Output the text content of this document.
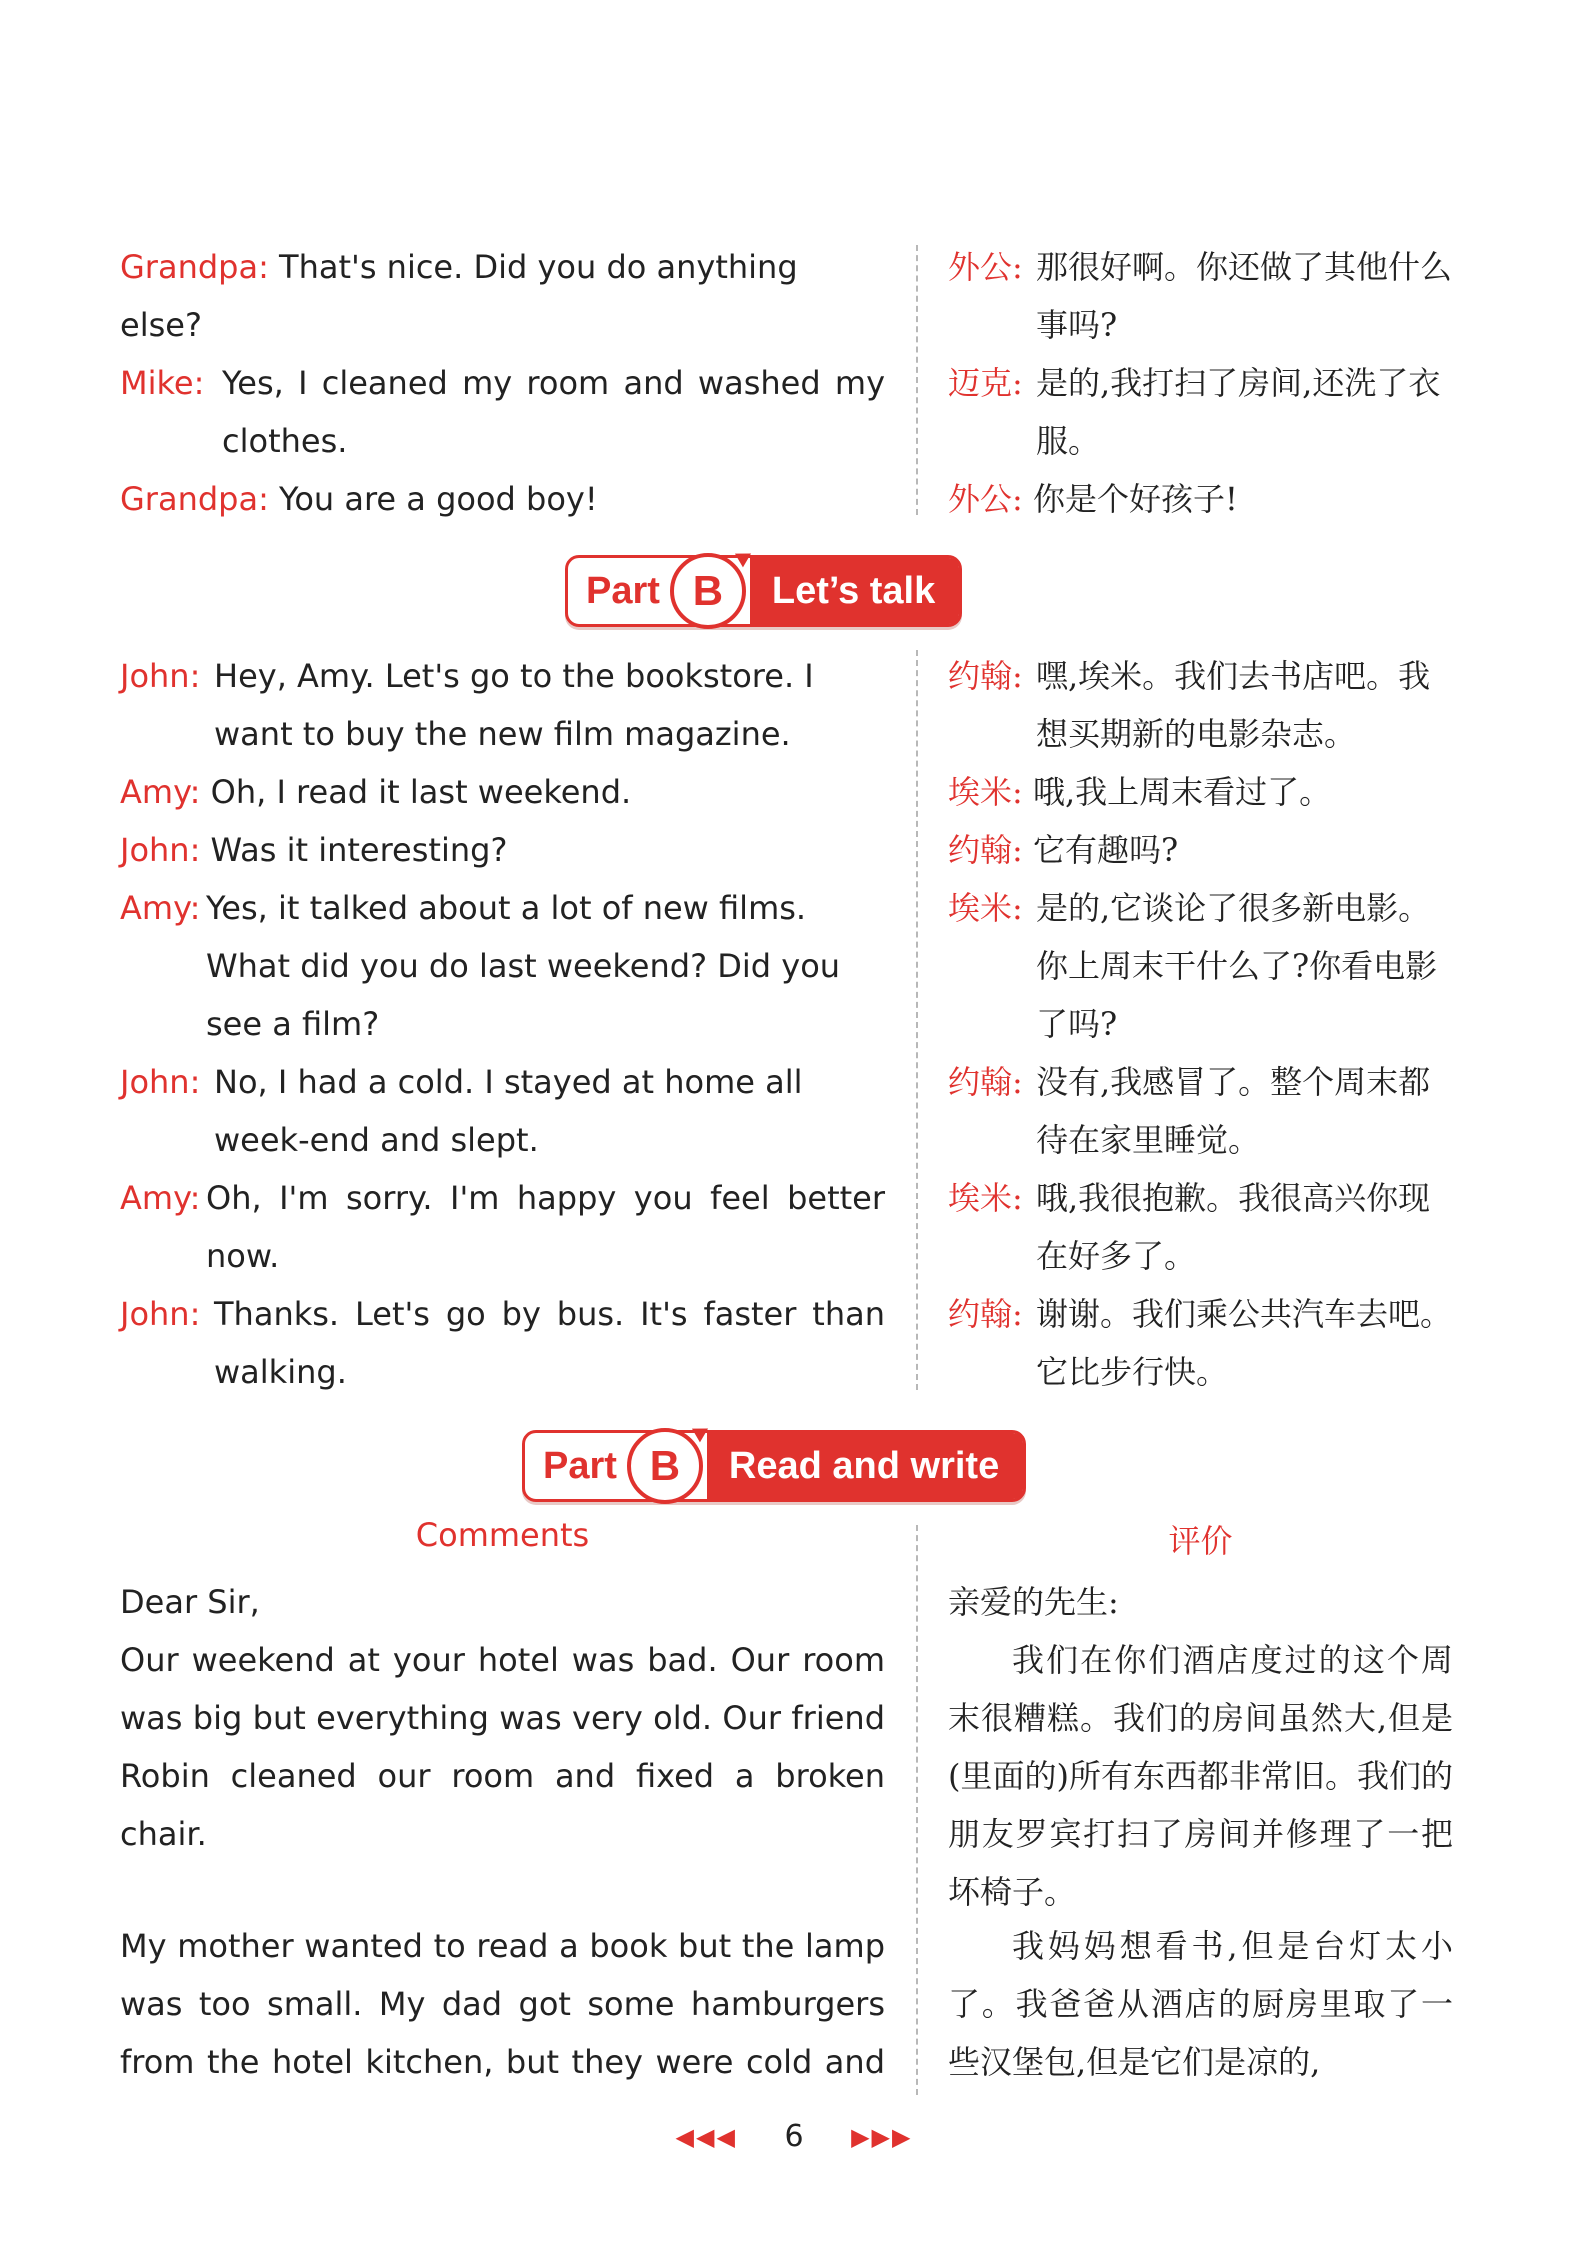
Grandpa: That's nice. Did you do anything else?
外公: 那很好啊。你还做了其他什么事吗?
Mike: Yes, I cleaned my room and washed my clothes.
迈克: 是的,我打扫了房间,还洗了衣服。
Grandpa: You are a good boy!	外公: 你是个好孩子!
Part B	Let’s talk
John: Hey, Amy. Let's go to the bookstore. I want to buy the new film magazine.
约翰: 嘿,埃米。我们去书店吧。我想买期新的电影杂志。
Amy: Oh, I read it last weekend.	埃米: 哦,我上周末看过了。
John: Was it interesting?	约翰: 它有趣吗?
Amy: Yes, it talked about a lot of new films. What did you do last weekend? Did you see a film?
埃米: 是的,它谈论了很多新电影。你上周末干什么了?你看电影了吗?
John: No, I had a cold. I stayed at home all week-end and slept.
约翰: 没有,我感冒了。整个周末都待在家里睡觉。
Amy: Oh, I'm sorry. I'm happy you feel better now.
埃米: 哦,我很抱歉。我很高兴你现在好多了。
John: Thanks. Let's go by bus. It's faster than walking.
约翰: 谢谢。我们乘公共汽车去吧。它比步行快。
Part B	Read and write
Comments	评价
Dear Sir,	亲爱的先生:
Our weekend at your hotel was bad. Our room was big but everything was very old. Our friend Robin cleaned our room and fixed a broken chair.
我们在你们酒店度过的这个周末很糟糕。我们的房间虽然大,但是(里面的)所有东西都非常旧。我们的朋友罗宾打扫了房间并修理了一把坏椅子。
My mother wanted to read a book but the lamp was too small. My dad got some hamburgers from the hotel kitchen, but they were cold and
我妈妈想看书,但是台灯太小了。我爸爸从酒店的厨房里取了一些汉堡包,但是它们是凉的,
◀◀◀ 6 ▶▶▶
